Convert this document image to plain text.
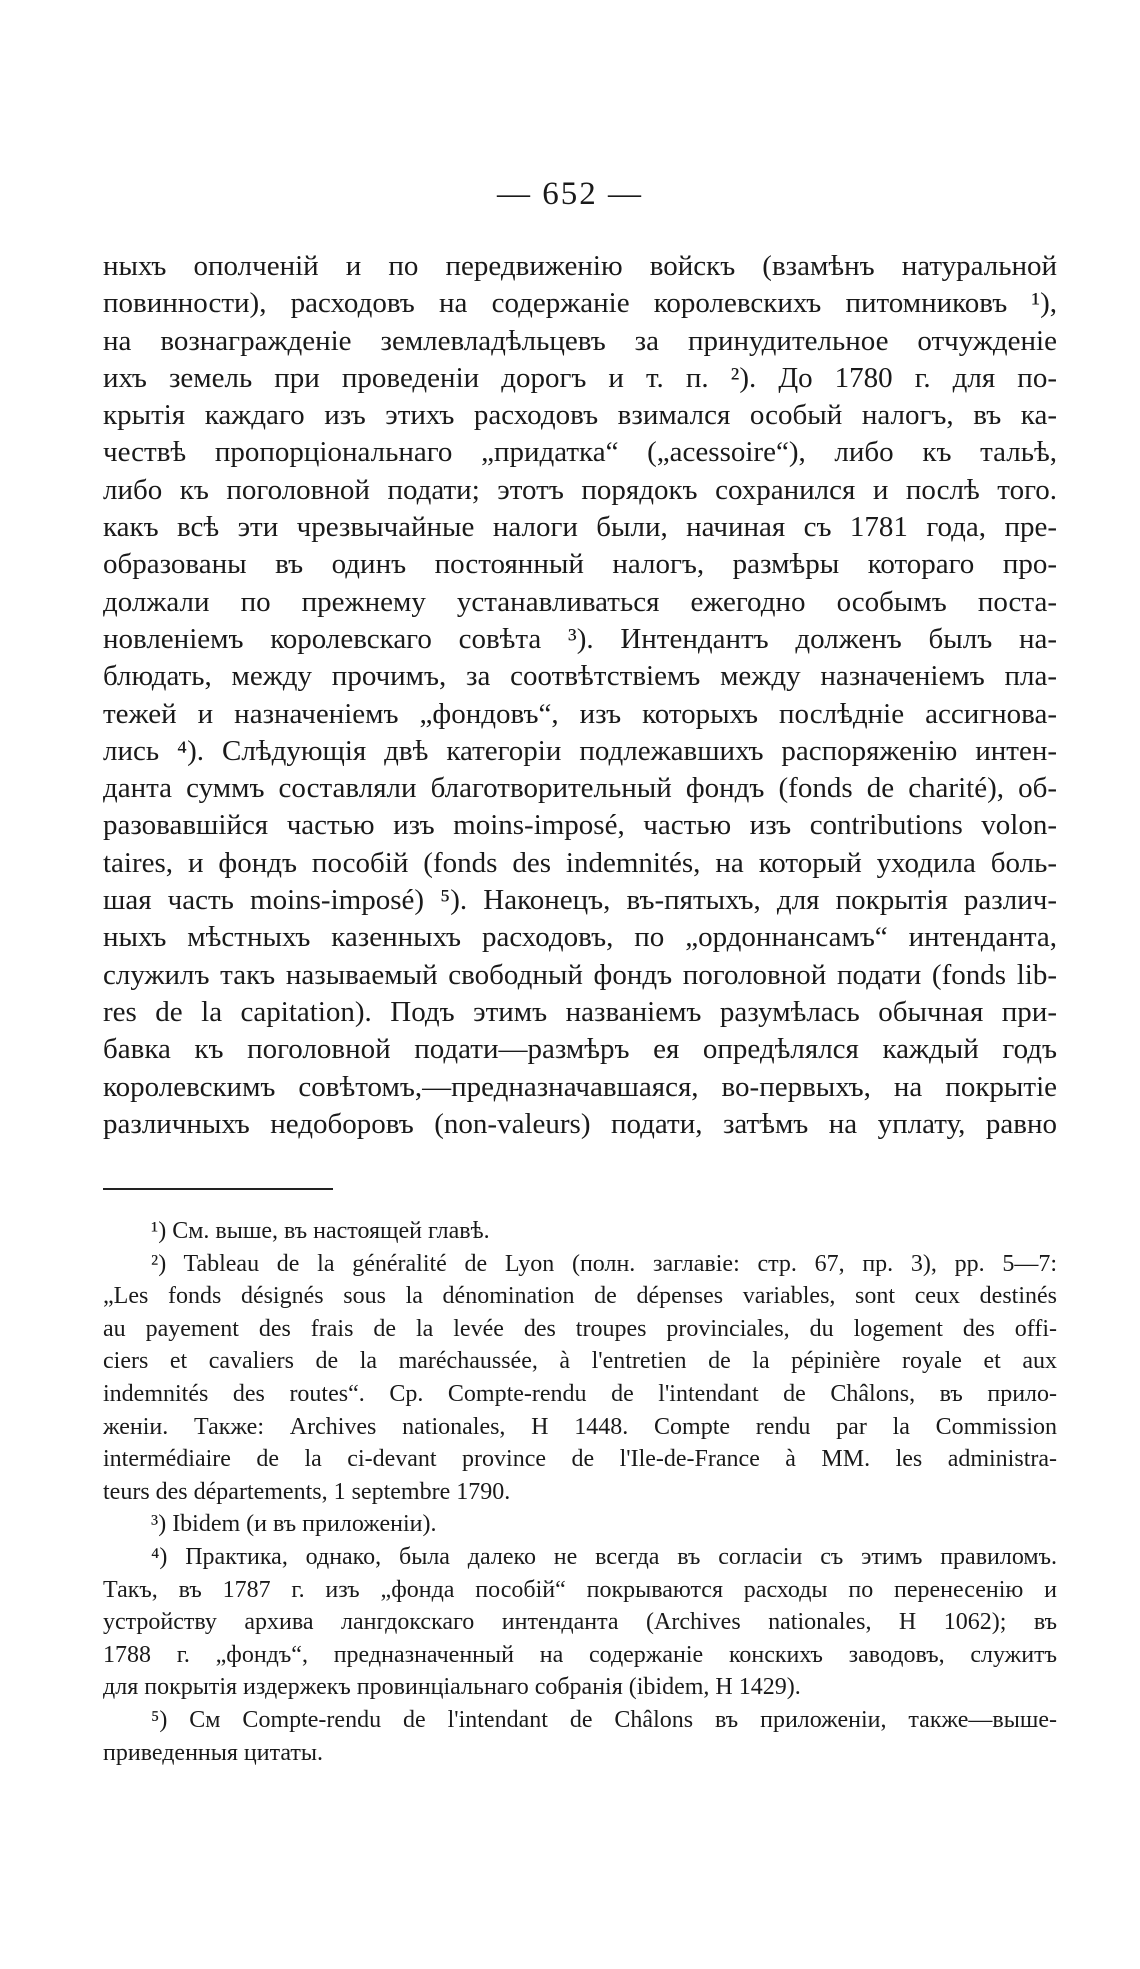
— 652 —
ныхъ ополченій и по передвиженію войскъ (взамѣнъ натуральной
повинности), расходовъ на содержаніе королевскихъ питомниковъ ¹),
на вознагражденіе землевладѣльцевъ за принудительное отчужденіе
ихъ земель при проведеніи дорогъ и т. п. ²). До 1780 г. для по-
крытія каждаго изъ этихъ расходовъ взимался особый налогъ, въ ка-
чествѣ пропорціональнаго „придатка“ („acessoire“), либо къ тальѣ,
либо къ поголовной подати; этотъ порядокъ сохранился и послѣ того.
какъ всѣ эти чрезвычайные налоги были, начиная съ 1781 года, пре-
образованы въ одинъ постоянный налогъ, размѣры котораго про-
должали по прежнему устанавливаться ежегодно особымъ поста-
новленіемъ королевскаго совѣта ³). Интендантъ долженъ былъ на-
блюдать, между прочимъ, за соотвѣтствіемъ между назначеніемъ пла-
тежей и назначеніемъ „фондовъ“, изъ которыхъ послѣдніе ассигнова-
лись ⁴). Слѣдующія двѣ категоріи подлежавшихъ распоряженію интен-
данта суммъ составляли благотворительный фондъ (fonds de charité), об-
разовавшійся частью изъ moins-imposé, частью изъ contributions volon-
taires, и фондъ пособій (fonds des indemnités, на который уходила боль-
шая часть moins-imposé) ⁵). Наконецъ, въ-пятыхъ, для покрытія различ-
ныхъ мѣстныхъ казенныхъ расходовъ, по „ордоннансамъ“ интенданта,
служилъ такъ называемый свободный фондъ поголовной подати (fonds lib-
res de la capitation). Подъ этимъ названіемъ разумѣлась обычная при-
бавка къ поголовной подати—размѣръ ея опредѣлялся каждый годъ
королевскимъ совѣтомъ,—предназначавшаяся, во-первыхъ, на покрытіе
различныхъ недоборовъ (non-valeurs) подати, затѣмъ на уплату, равно
¹) См. выше, въ настоящей главѣ.
²) Tableau de la généralité de Lyon (полн. заглавіе: стр. 67, пр. 3), pp. 5—7:
„Les fonds désignés sous la dénomination de dépenses variables, sont ceux destinés
au payement des frais de la levée des troupes provinciales, du logement des offi-
ciers et cavaliers de la maréchaussée, à l'entretien de la pépinière royale et aux
indemnités des routes“. Ср. Compte-rendu de l'intendant de Châlons, въ прило-
женіи. Также: Archives nationales, H 1448. Compte rendu par la Commission
intermédiaire de la ci-devant province de l'Ile-de-France à MM. les administra-
teurs des départements, 1 septembre 1790.
³) Ibidem (и въ приложеніи).
⁴) Практика, однако, была далеко не всегда въ согласіи съ этимъ правиломъ.
Такъ, въ 1787 г. изъ „фонда пособій“ покрываются расходы по перенесенію и
устройству архива лангдокскаго интенданта (Archives nationales, H 1062); въ
1788 г. „фондъ“, предназначенный на содержаніе конскихъ заводовъ, служитъ
для покрытія издержекъ провинціальнаго собранія (ibidem, H 1429).
⁵) См Compte-rendu de l'intendant de Châlons въ приложеніи, также—выше-
приведенныя цитаты.
